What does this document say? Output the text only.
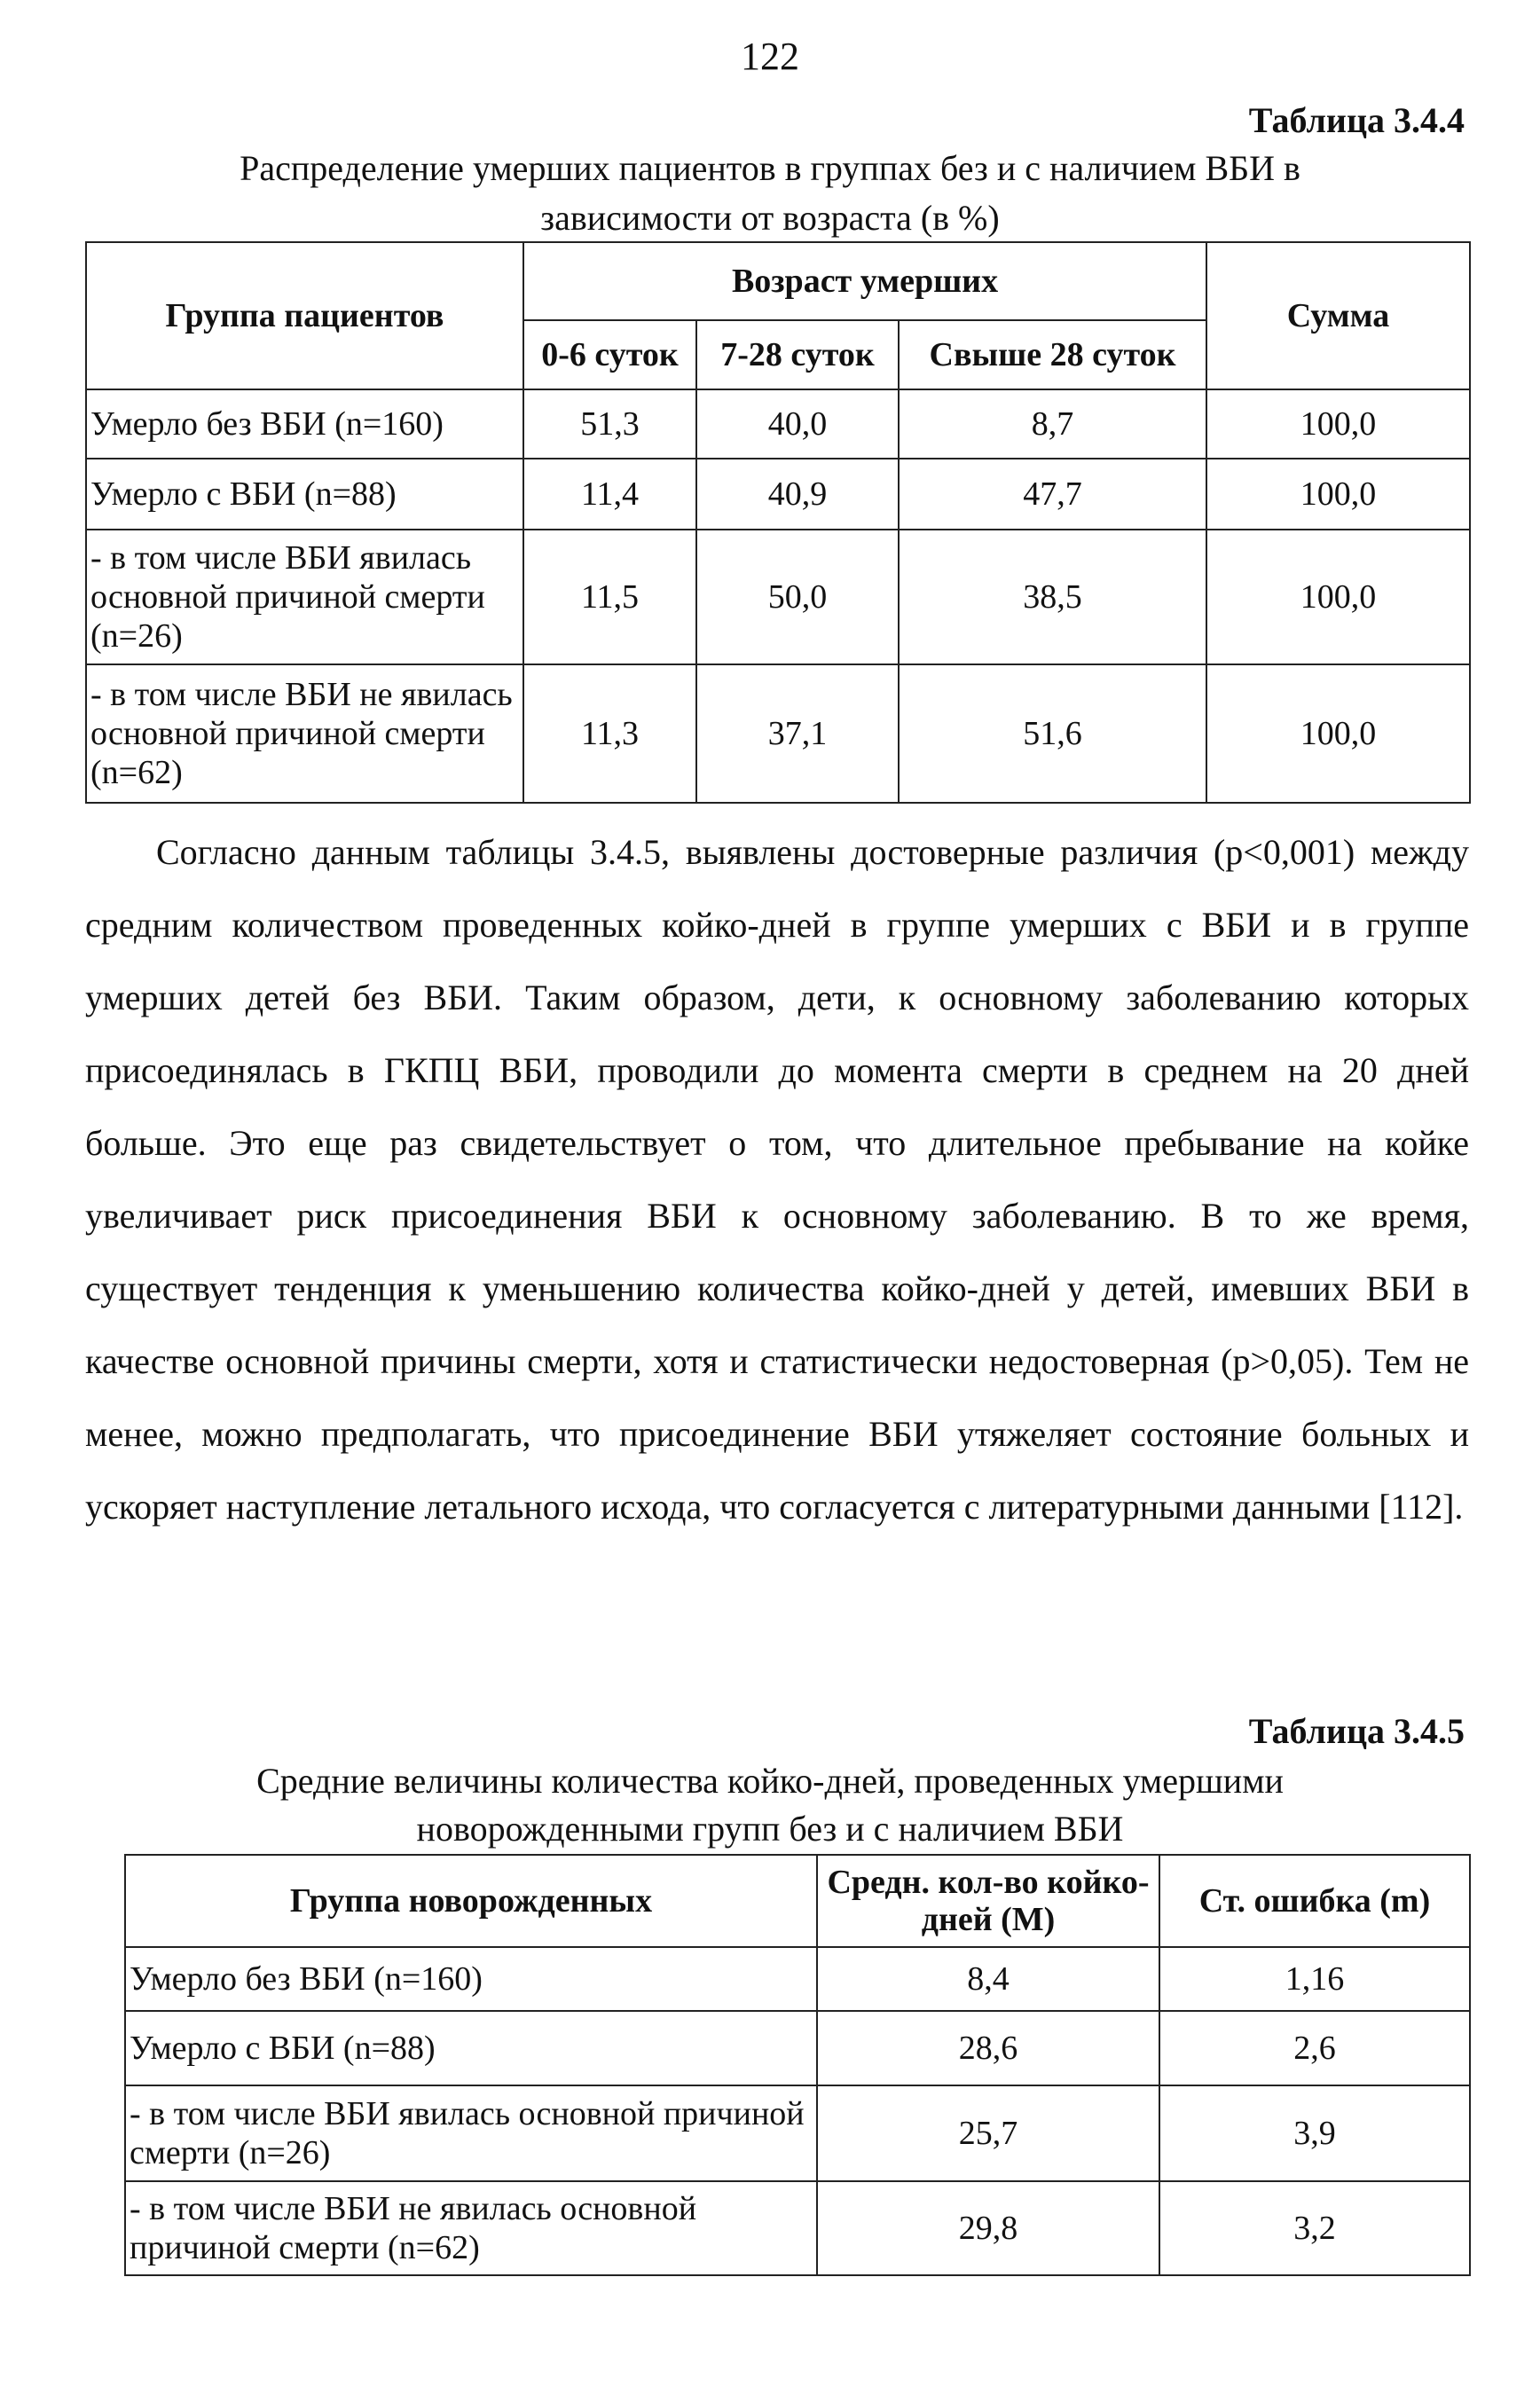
122
Таблица 3.4.4
Распределение умерших пациентов в группах без и с наличием ВБИ в
зависимости от возраста (в %)
Группа пациентов	Возраст умерших			Сумма
	0-6 суток	7-28 суток	Свыше 28 суток	
Умерло без ВБИ (n=160)	51,3	40,0	8,7	100,0
Умерло с ВБИ (n=88)	11,4	40,9	47,7	100,0
- в том числе ВБИ явилась основной причиной смерти (n=26)	11,5	50,0	38,5	100,0
- в том числе ВБИ не явилась основной причиной смерти (n=62)	11,3	37,1	51,6	100,0

Согласно данным таблицы 3.4.5, выявлены достоверные различия (p<0,001) между средним количеством проведенных койко-дней в группе умерших с ВБИ и в группе умерших детей без ВБИ. Таким образом, дети, к основному заболеванию которых присоединялась в ГКПЦ ВБИ, проводили до момента смерти в среднем на 20 дней больше. Это еще раз свидетельствует о том, что длительное пребывание на койке увеличивает риск присоединения ВБИ к основному заболеванию. В то же время, существует тенденция к уменьшению количества койко-дней у детей, имевших ВБИ в качестве основной причины смерти, хотя и статистически недостоверная (p>0,05). Тем не менее, можно предполагать, что присоединение ВБИ утяжеляет состояние больных и ускоряет наступление летального исхода, что согласуется с литературными данными [112].

Таблица 3.4.5
Средние величины количества койко-дней, проведенных умершими
новорожденными групп без и с наличием ВБИ
Группа новорожденных	Средн. кол-во койко-дней (М)	Ст. ошибка (m)
Умерло без ВБИ (n=160)	8,4	1,16
Умерло с ВБИ (n=88)	28,6	2,6
- в том числе ВБИ явилась основной причиной смерти (n=26)	25,7	3,9
- в том числе ВБИ не явилась основной причиной смерти (n=62)	29,8	3,2
